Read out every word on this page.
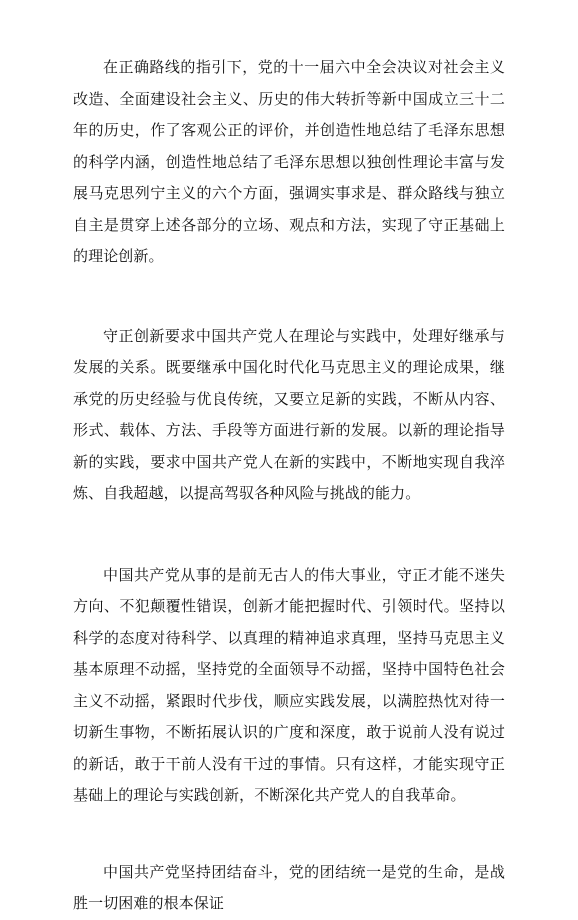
在正确路线的指引下，党的十一届六中全会决议对社会主义改造、全面建设社会主义、历史的伟大转折等新中国成立三十二年的历史，作了客观公正的评价，并创造性地总结了毛泽东思想的科学内涵，创造性地总结了毛泽东思想以独创性理论丰富与发展马克思列宁主义的六个方面，强调实事求是、群众路线与独立自主是贯穿上述各部分的立场、观点和方法，实现了守正基础上的理论创新。

守正创新要求中国共产党人在理论与实践中，处理好继承与发展的关系。既要继承中国化时代化马克思主义的理论成果，继承党的历史经验与优良传统，又要立足新的实践，不断从内容、形式、载体、方法、手段等方面进行新的发展。以新的理论指导新的实践，要求中国共产党人在新的实践中，不断地实现自我淬炼、自我超越，以提高驾驭各种风险与挑战的能力。

中国共产党从事的是前无古人的伟大事业，守正才能不迷失方向、不犯颠覆性错误，创新才能把握时代、引领时代。坚持以科学的态度对待科学、以真理的精神追求真理，坚持马克思主义基本原理不动摇，坚持党的全面领导不动摇，坚持中国特色社会主义不动摇，紧跟时代步伐，顺应实践发展，以满腔热忱对待一切新生事物，不断拓展认识的广度和深度，敢于说前人没有说过的新话，敢于干前人没有干过的事情。只有这样，才能实现守正基础上的理论与实践创新，不断深化共产党人的自我革命。

中国共产党坚持团结奋斗，党的团结统一是党的生命，是战胜一切困难的根本保证
